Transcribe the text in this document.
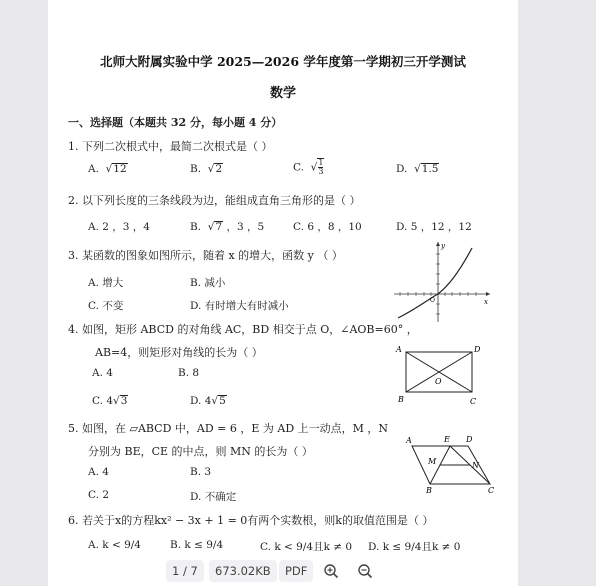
北师大附属实验中学 2025—2026 学年度第一学期初三开学测试
数学
一、选择题（本题共 32 分，每小题 4 分）
1. 下列二次根式中，最简二次根式是（ ）
A.  √12	B.  √2	C.  √ $\frac{1}{3}$	D.  √1.5
2. 以下列长度的三条线段为边，能组成直角三角形的是（ ）
A. 2 ，3 ，4	B.  √7 ，3 ，5	C. 6 ，8 ，10	D. 5 ，12 ，12
3. 某函数的图象如图所示，随着 x 的增大，函数 y （ ）
A. 增大	B. 减小
C. 不变	D. 有时增大有时减小	x
y
O
4. 如图，矩形 ABCD 的对角线 AC，BD 相交于点 O，∠AOB=60° ，
AB=4，则矩形对角线的长为（ ）
A. 4	B. 8
C. 4√3	D. 4√5
A	D
O
B	C
5. 如图，在 ▱ABCD 中，AD = 6 ，E 为 AD 上一动点，M ，N
分别为 BE，CE 的中点，则 MN 的长为（ ）
A. 4	B. 3
C. 2	D. 不确定
A	E D
M	N
B	C
6. 若关于x的方程kx² − 3x + 1 = 0有两个实数根，则k的取值范围是（ ）
A. k < 9/4	B. k ≤ 9/4	C. k < 9/4且k ≠ 0 D. k ≤ 9/4且k ≠ 0
1 / 7	673.02KB	PDF
